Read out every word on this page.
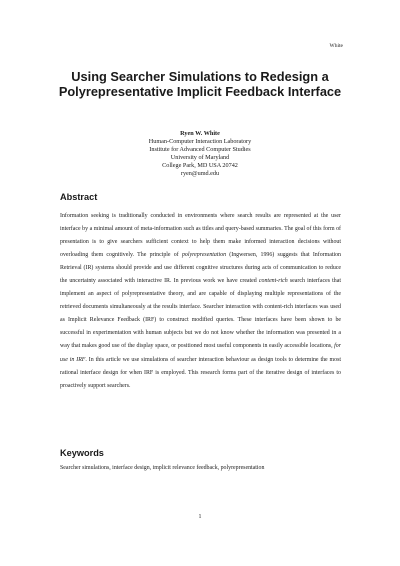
White
Using Searcher Simulations to Redesign a Polyrepresentative Implicit Feedback Interface
Ryen W. White
Human-Computer Interaction Laboratory
Institute for Advanced Computer Studies
University of Maryland
College Park, MD USA 20742
ryen@umd.edu
Abstract

Information seeking is traditionally conducted in environments where search results are represented at the user interface by a minimal amount of meta-information such as titles and query-based summaries. The goal of this form of presentation is to give searchers sufficient context to help them make informed interaction decisions without overloading them cognitively. The principle of polyrepresentation (Ingwersen, 1996) suggests that Information Retrieval (IR) systems should provide and use different cognitive structures during acts of communication to reduce the uncertainty associated with interactive IR. In previous work we have created content-rich search interfaces that implement an aspect of polyrepresentative theory, and are capable of displaying multiple representations of the retrieved documents simultaneously at the results interface. Searcher interaction with content-rich interfaces was used as Implicit Relevance Feedback (IRF) to construct modified queries. These interfaces have been shown to be successful in experimentation with human subjects but we do not know whether the information was presented in a way that makes good use of the display space, or positioned most useful components in easily accessible locations, for use in IRF. In this article we use simulations of searcher interaction behaviour as design tools to determine the most rational interface design for when IRF is employed. This research forms part of the iterative design of interfaces to proactively support searchers.

Keywords

Searcher simulations, interface design, implicit relevance feedback, polyrepresentation

1
